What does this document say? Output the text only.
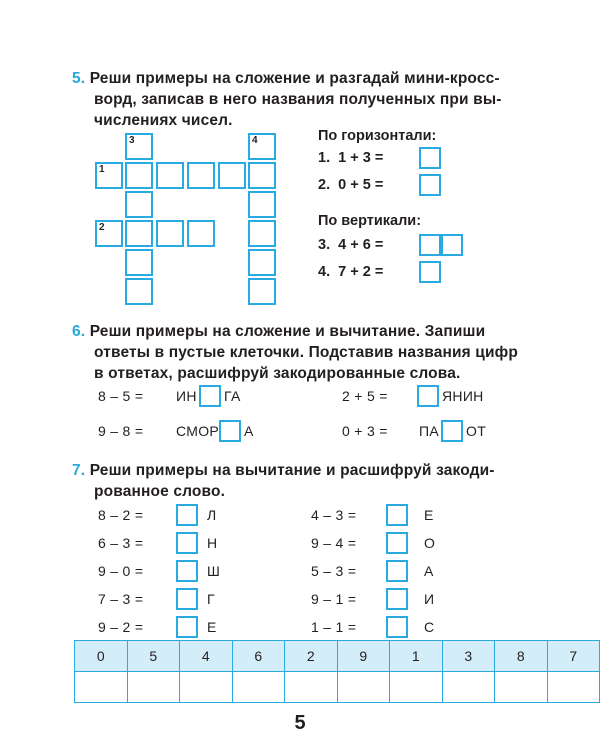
5. Реши примеры на сложение и разгадай мини-кросс-
ворд, записав в него названия полученных при вы-
числениях чисел.
3	4
1
2
По горизонтали:
1. 1 + 3 =
2. 0 + 5 =
По вертикали:
3. 4 + 6 =
4. 7 + 2 =
6. Реши примеры на сложение и вычитание. Запиши
ответы в пустые клеточки. Подставив названия цифр
в ответах, расшифруй закодированные слова.
8 – 5 = ИН ГА	2 + 5 =	ЯНИН
9 – 8 = СМОР А	0 + 3 = ПА ОТ
7. Реши примеры на вычитание и расшифруй закоди-
рованное слово.
8 – 2 =	Л
6 – 3 =	Н
9 – 0 =	Ш
7 – 3 =	Г
9 – 2 =	Е
4 – 3 =	Е
9 – 4 =	О
5 – 3 =	А
9 – 1 =	И
1 – 1 =	С
0	5	4	6	2	9	1	3	8	7

5
